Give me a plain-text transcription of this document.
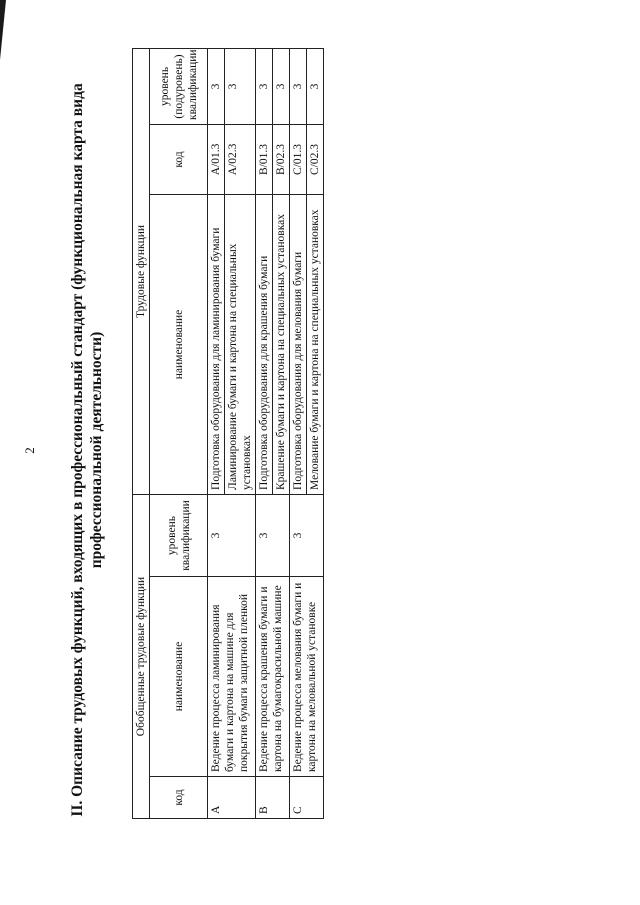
2 II. Описание трудовых функций, входящих в профессиональный стандарт (функциональная карта вида профессиональной деятельности)
Обобщенные трудовые функции			Трудовые функции		
код	наименование	уровень квалификации	наименование	код	уровень (подуровень) квалификации
A	Ведение процесса ламинирования бумаги и картона на машине для покрытия бумаги защитной пленкой	3	Подготовка оборудования для ламинирования бумаги	A/01.3	3
			Ламинирование бумаги и картона на специальных установках	A/02.3	3
B	Ведение процесса крашения бумаги и картона на бумагокрасильной машине	3	Подготовка оборудования для крашения бумаги	B/01.3	3
			Крашение бумаги и картона на специальных установках	B/02.3	3
C	Ведение процесса мелования бумаги и картона на меловальной установке	3	Подготовка оборудования для мелования бумаги	C/01.3	3
			Мелование бумаги и картона на специальных установках	C/02.3	3
